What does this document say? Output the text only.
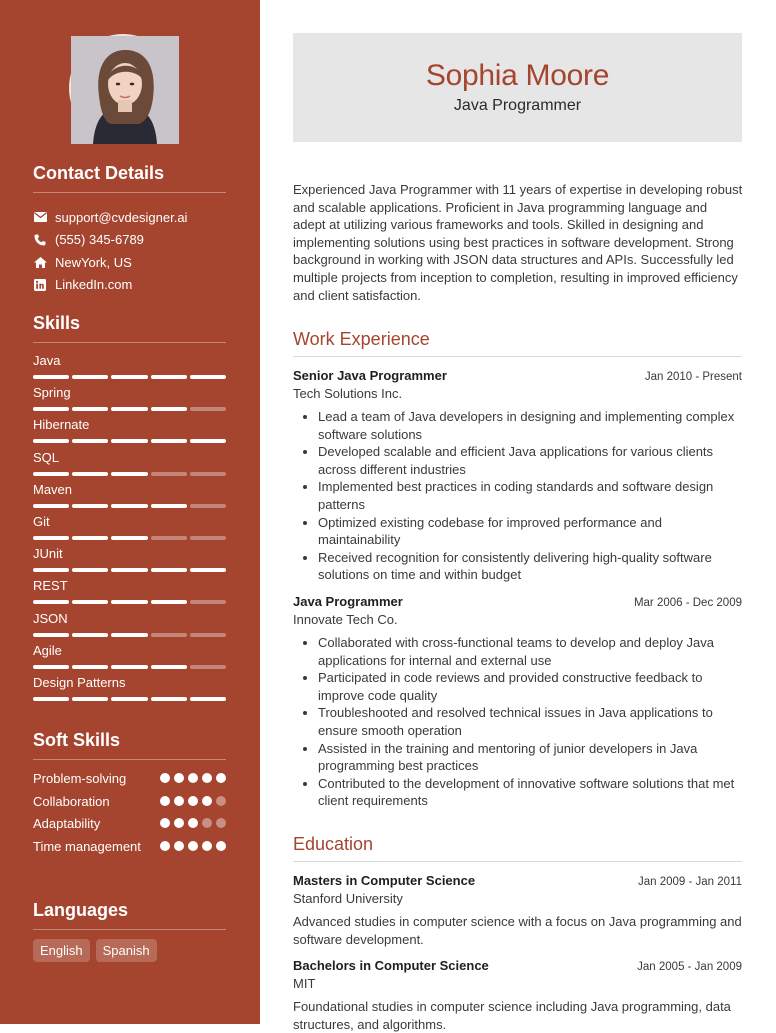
Contact Details
support@cvdesigner.ai
(555) 345-6789
NewYork, US
LinkedIn.com
Skills
Java
Spring
Hibernate
SQL
Maven
Git
JUnit
REST
JSON
Agile
Design Patterns
Soft Skills
Problem-solving
Collaboration
Adaptability
Time management
Languages
English	Spanish
Sophia Moore
Java Programmer
Experienced Java Programmer with 11 years of expertise in developing robust and scalable applications. Proficient in Java programming language and adept at utilizing various frameworks and tools. Skilled in designing and implementing solutions using best practices in software development. Strong background in working with JSON data structures and APIs. Successfully led multiple projects from inception to completion, resulting in improved efficiency and client satisfaction.
Work Experience
Senior Java Programmer	Jan 2010 - Present
Tech Solutions Inc.
• Lead a team of Java developers in designing and implementing complex software solutions
• Developed scalable and efficient Java applications for various clients across different industries
• Implemented best practices in coding standards and software design patterns
• Optimized existing codebase for improved performance and maintainability
• Received recognition for consistently delivering high-quality software solutions on time and within budget
Java Programmer	Mar 2006 - Dec 2009
Innovate Tech Co.
• Collaborated with cross-functional teams to develop and deploy Java applications for internal and external use
• Participated in code reviews and provided constructive feedback to improve code quality
• Troubleshooted and resolved technical issues in Java applications to ensure smooth operation
• Assisted in the training and mentoring of junior developers in Java programming best practices
• Contributed to the development of innovative software solutions that met client requirements
Education
Masters in Computer Science	Jan 2009 - Jan 2011
Stanford University
Advanced studies in computer science with a focus on Java programming and software development.
Bachelors in Computer Science	Jan 2005 - Jan 2009
MIT
Foundational studies in computer science including Java programming, data structures, and algorithms.
